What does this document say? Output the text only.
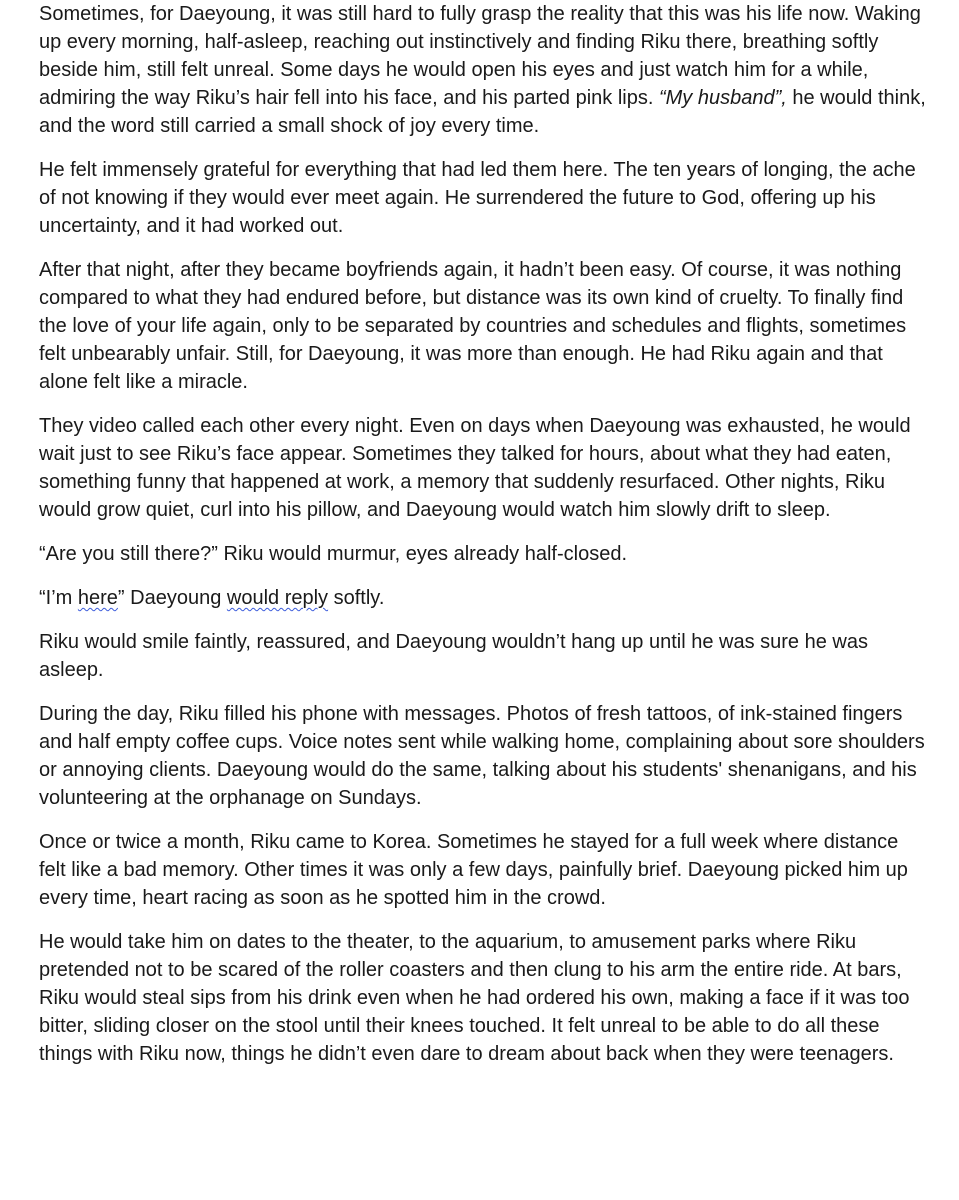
Sometimes, for Daeyoung, it was still hard to fully grasp the reality that this was his life now. Waking up every morning, half-asleep, reaching out instinctively and finding Riku there, breathing softly beside him, still felt unreal. Some days he would open his eyes and just watch him for a while, admiring the way Riku’s hair fell into his face, and his parted pink lips. “My husband”, he would think, and the word still carried a small shock of joy every time.

He felt immensely grateful for everything that had led them here. The ten years of longing, the ache of not knowing if they would ever meet again. He surrendered the future to God, offering up his uncertainty, and it had worked out.

After that night, after they became boyfriends again, it hadn’t been easy. Of course, it was nothing compared to what they had endured before, but distance was its own kind of cruelty. To finally find the love of your life again, only to be separated by countries and schedules and flights, sometimes felt unbearably unfair. Still, for Daeyoung, it was more than enough. He had Riku again and that alone felt like a miracle.

They video called each other every night. Even on days when Daeyoung was exhausted, he would wait just to see Riku’s face appear. Sometimes they talked for hours, about what they had eaten, something funny that happened at work, a memory that suddenly resurfaced. Other nights, Riku would grow quiet, curl into his pillow, and Daeyoung would watch him slowly drift to sleep.

“Are you still there?” Riku would murmur, eyes already half-closed.

“I’m here” Daeyoung would reply softly.

Riku would smile faintly, reassured, and Daeyoung wouldn’t hang up until he was sure he was asleep.

During the day, Riku filled his phone with messages. Photos of fresh tattoos, of ink-stained fingers and half empty coffee cups. Voice notes sent while walking home, complaining about sore shoulders or annoying clients. Daeyoung would do the same, talking about his students' shenanigans, and his volunteering at the orphanage on Sundays.

Once or twice a month, Riku came to Korea. Sometimes he stayed for a full week where distance felt like a bad memory. Other times it was only a few days, painfully brief. Daeyoung picked him up every time, heart racing as soon as he spotted him in the crowd.

He would take him on dates to the theater, to the aquarium, to amusement parks where Riku pretended not to be scared of the roller coasters and then clung to his arm the entire ride. At bars, Riku would steal sips from his drink even when he had ordered his own, making a face if it was too bitter, sliding closer on the stool until their knees touched. It felt unreal to be able to do all these things with Riku now, things he didn’t even dare to dream about back when they were teenagers.
